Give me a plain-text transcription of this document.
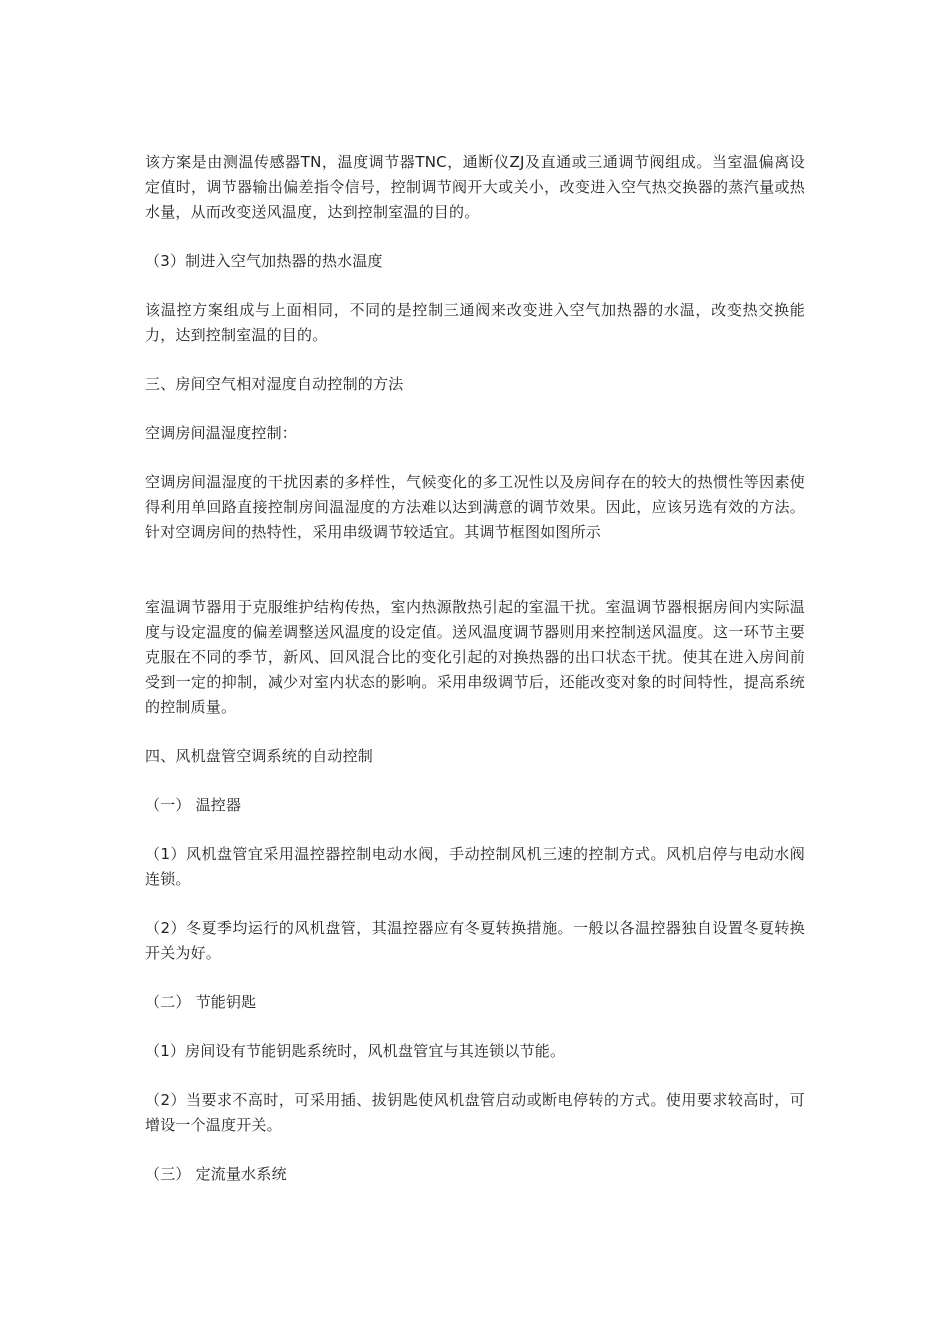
该方案是由测温传感器TN，温度调节器TNC，通断仪ZJ及直通或三通调节阀组成。当室温偏离设定值时，调节器输出偏差指令信号，控制调节阀开大或关小，改变进入空气热交换器的蒸汽量或热水量，从而改变送风温度，达到控制室温的目的。

（3）制进入空气加热器的热水温度

该温控方案组成与上面相同，不同的是控制三通阀来改变进入空气加热器的水温，改变热交换能力，达到控制室温的目的。

三、房间空气相对湿度自动控制的方法

空调房间温湿度控制：

空调房间温湿度的干扰因素的多样性，气候变化的多工况性以及房间存在的较大的热惯性等因素使得利用单回路直接控制房间温湿度的方法难以达到满意的调节效果。因此，应该另选有效的方法。针对空调房间的热特性，采用串级调节较适宜。其调节框图如图所示

室温调节器用于克服维护结构传热，室内热源散热引起的室温干扰。室温调节器根据房间内实际温度与设定温度的偏差调整送风温度的设定值。送风温度调节器则用来控制送风温度。这一环节主要克服在不同的季节，新风、回风混合比的变化引起的对换热器的出口状态干扰。使其在进入房间前受到一定的抑制，减少对室内状态的影响。采用串级调节后，还能改变对象的时间特性，提高系统的控制质量。

四、风机盘管空调系统的自动控制

（一） 温控器

（1）风机盘管宜采用温控器控制电动水阀，手动控制风机三速的控制方式。风机启停与电动水阀连锁。

（2）冬夏季均运行的风机盘管，其温控器应有冬夏转换措施。一般以各温控器独自设置冬夏转换开关为好。

（二） 节能钥匙

（1）房间设有节能钥匙系统时，风机盘管宜与其连锁以节能。

（2）当要求不高时，可采用插、拔钥匙使风机盘管启动或断电停转的方式。使用要求较高时，可增设一个温度开关。

（三） 定流量水系统
